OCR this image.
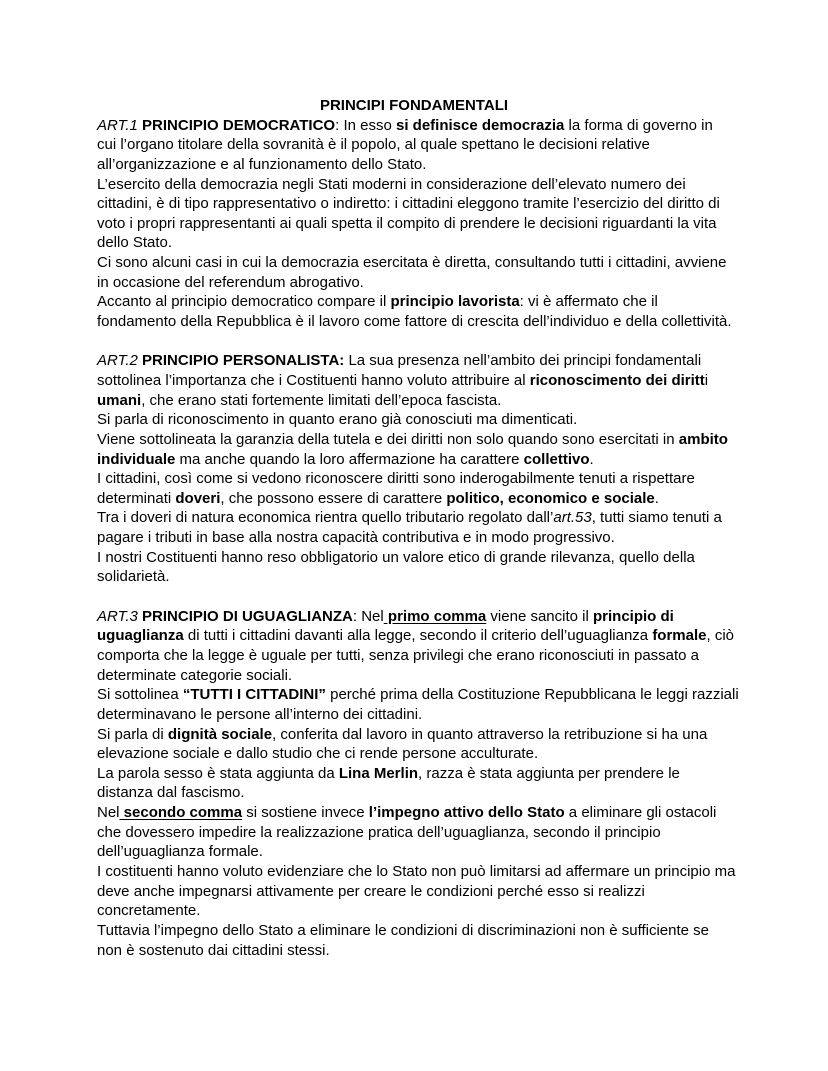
PRINCIPI FONDAMENTALI
ART.1 PRINCIPIO DEMOCRATICO: In esso si definisce democrazia la forma di governo in
cui l’organo titolare della sovranità è il popolo, al quale spettano le decisioni relative
all’organizzazione e al funzionamento dello Stato.
L’esercito della democrazia negli Stati moderni in considerazione dell’elevato numero dei
cittadini, è di tipo rappresentativo o indiretto: i cittadini eleggono tramite l’esercizio del diritto di
voto i propri rappresentanti ai quali spetta il compito di prendere le decisioni riguardanti la vita
dello Stato.
Ci sono alcuni casi in cui la democrazia esercitata è diretta, consultando tutti i cittadini, avviene
in occasione del referendum abrogativo.
Accanto al principio democratico compare il principio lavorista: vi è affermato che il
fondamento della Repubblica è il lavoro come fattore di crescita dell’individuo e della collettività.
ART.2 PRINCIPIO PERSONALISTA: La sua presenza nell’ambito dei principi fondamentali
sottolinea l’importanza che i Costituenti hanno voluto attribuire al riconoscimento dei diritti
umani, che erano stati fortemente limitati dell’epoca fascista.
Si parla di riconoscimento in quanto erano già conosciuti ma dimenticati.
Viene sottolineata la garanzia della tutela e dei diritti non solo quando sono esercitati in ambito
individuale ma anche quando la loro affermazione ha carattere collettivo.
I cittadini, così come si vedono riconoscere diritti sono inderogabilmente tenuti a rispettare
determinati doveri, che possono essere di carattere politico, economico e sociale.
Tra i doveri di natura economica rientra quello tributario regolato dall’art.53, tutti siamo tenuti a
pagare i tributi in base alla nostra capacità contributiva e in modo progressivo.
I nostri Costituenti hanno reso obbligatorio un valore etico di grande rilevanza, quello della
solidarietà.
ART.3 PRINCIPIO DI UGUAGLIANZA: Nel primo comma viene sancito il principio di
uguaglianza di tutti i cittadini davanti alla legge, secondo il criterio dell’uguaglianza formale, ciò
comporta che la legge è uguale per tutti, senza privilegi che erano riconosciuti in passato a
determinate categorie sociali.
Si sottolinea “TUTTI I CITTADINI” perché prima della Costituzione Repubblicana le leggi razziali
determinavano le persone all’interno dei cittadini.
Si parla di dignità sociale, conferita dal lavoro in quanto attraverso la retribuzione si ha una
elevazione sociale e dallo studio che ci rende persone acculturate.
La parola sesso è stata aggiunta da Lina Merlin, razza è stata aggiunta per prendere le
distanza dal fascismo.
Nel secondo comma si sostiene invece l’impegno attivo dello Stato a eliminare gli ostacoli
che dovessero impedire la realizzazione pratica dell’uguaglianza, secondo il principio
dell’uguaglianza formale.
I costituenti hanno voluto evidenziare che lo Stato non può limitarsi ad affermare un principio ma
deve anche impegnarsi attivamente per creare le condizioni perché esso si realizzi
concretamente.
Tuttavia l’impegno dello Stato a eliminare le condizioni di discriminazioni non è sufficiente se
non è sostenuto dai cittadini stessi.
